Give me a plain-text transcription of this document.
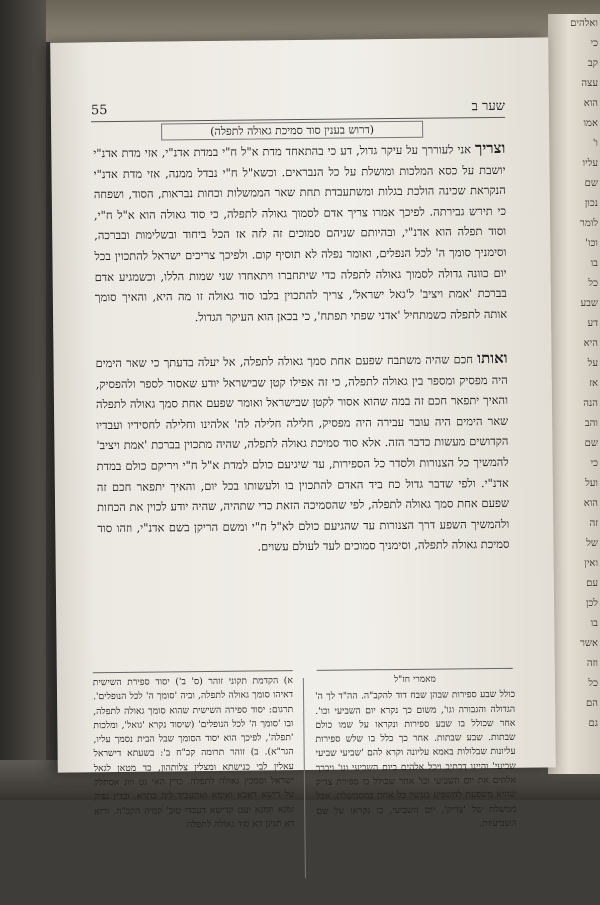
ואלהים
כי
קב
עצה
הוא
אמו
ו'
עליו
שם
נכון
לומר
וכו'
בו
כל
שבע
דע
היא
על
אז
הנה
והב
שם
כי
ועל
הוא
זה
של
ואין
עם
לכן
בו
אשר
וזה
כל
הם
גם
שער ב
55
(דרוש בענין סוד סמיכת גאולה לתפלה)
וצריך אני לעוררך על עיקר גדול, דע כי בהתאחד מדת א"ל ח"י במדת אדנ"י, אזי מדת אדנ"י יושבת על כסא המלכות ומושלת על כל הנבראים. וכשא"ל ח"י נבדל ממנה, אזי מדת אדנ"י הנקראת שכינה הולכת בגלות ומשתעבדת תחת שאר הממשלות וכחות נבראות, הסוד, ושפחה כי תירש גבירתה. לפיכך אמרו צריך אדם לסמוך גאולה לתפלה, כי סוד גאולה הוא א"ל ח"י, וסוד תפלה הוא אדנ"י, ובהיותם שניהם סמוכים זה לזה אז הכל ביחוד ובשלימות ובברכה, וסימניך סומך ה' לכל הנפלים, ואומר נפלה לא תוסיף קום. ולפיכך צריכים ישראל להתכוין בכל יום כוונה גדולה לסמוך גאולה לתפלה כדי שיתחברו ויתאחדו שני שמות הללו, וכשמגיע אדם בברכת 'אמת ויציב' ל'גאל ישראל', צריך להתכוין בלבו סוד גאולה זו מה היא, והאיך סומך אותה לתפלה כשמתחיל 'אדני שפתי תפתח', כי בכאן הוא העיקר הגדול.
ואותו חכם שהיה משתבח שפעם אחת סמך גאולה לתפלה, אל יעלה בדעתך כי שאר הימים היה מפסיק ומספר בין גאולה לתפלה, כי זה אפילו קטן שבישראל יודע שאסור לספר ולהפסיק, והאיך יתפאר חכם זה במה שהוא אסור לקטן שבישראל ואומר שפעם אחת סמך גאולה לתפלה שאר הימים היה עובר עבירה היה מפסיק, חלילה חלילה לה' אלהינו וחלילה לחסידיו ועבדיו הקדושים מעשות כדבר הזה. אלא סוד סמיכת גאולה לתפלה, שהיה מתכוין בברכת 'אמת ויציב' להמשיך כל הצנורות ולסדר כל הספירות, עד שיגיעם כולם למדת א"ל ח"י ויריקם כולם במדת אדנ"י. ולפי שדבר גדול כח ביד האדם להתכוין בו ולעשותו בכל יום, והאיך יתפאר חכם זה שפעם אחת סמך גאולה לתפלה, לפי שהסמיכה הזאת כדי שתהיה, שהיה יודע לכוין את הכחות ולהמשיך השפע דרך הצנורות עד שהגיעם כולם לא"ל ח"י ומשם הריקן בשם אדנ"י, וזהו סוד סמיכת גאולה לתפלה, וסימניך סמוכים לעד לעולם עשוים.
א) הקדמת תקוני זוהר (ס' ב') יסוד ספירת השישית דאיהו סומך גאולה לתפלה, וביה 'סומך ה' לכל הנופלים'. תרגום: יסוד ספירה השישית שהוא סומך גאולה לתפלה, ובו 'סומך ה' לכל הנופלים' (שיסוד נקרא 'גואל', ומלכות 'תפלה', לפיכך הוא יסוד הסומך שבל הבית נסמך עליו, הגר"א). ב) זוהר תרומה קכ"ח ב': בשעתא דישראל עאלין לבי כנישתא ומצלין צלותהון, כד מטאן לגאל ישראל וסמכין גאולה לתפלה. כדין האי נט זווג אסתלק על רישא דאבא ואימא ואתעביד ליה כתרא. וכדין נפיק זמנא וזמנא ועם קדישא דעבדי טוב' קמיה הקב"ה. ורזא דא תנינן דא סוד גאולה לתפלה
מאמרי חז"ל
כולל שבע ספירות שבהן שבח דוד להקב"ה. הה"ד לך ה' הגדולה והגבורה וגו', משום כך נקרא יום השביעי וכו'. אחר שכולל בו שבע ספירות ונקראו על שמו כולם שבתות. שבע שבתות. אחר כך כלל בו שלש ספירות עליונות שבלולות באמא עליונה וקרא להם 'שביעי שביעי שביעי' והיינו דכתיב ויכל אלהים ביום השביעי וגו' ויברך אלהים את יום השביעי וכו' אחר שכולל בו ספירת צדיק שהיא משפעת להשפיע בעשר כל אחת במסמשלת. אבל ממשלת של 'צדיק', יום השביעי, בו נקראו על שם השביעיות.
